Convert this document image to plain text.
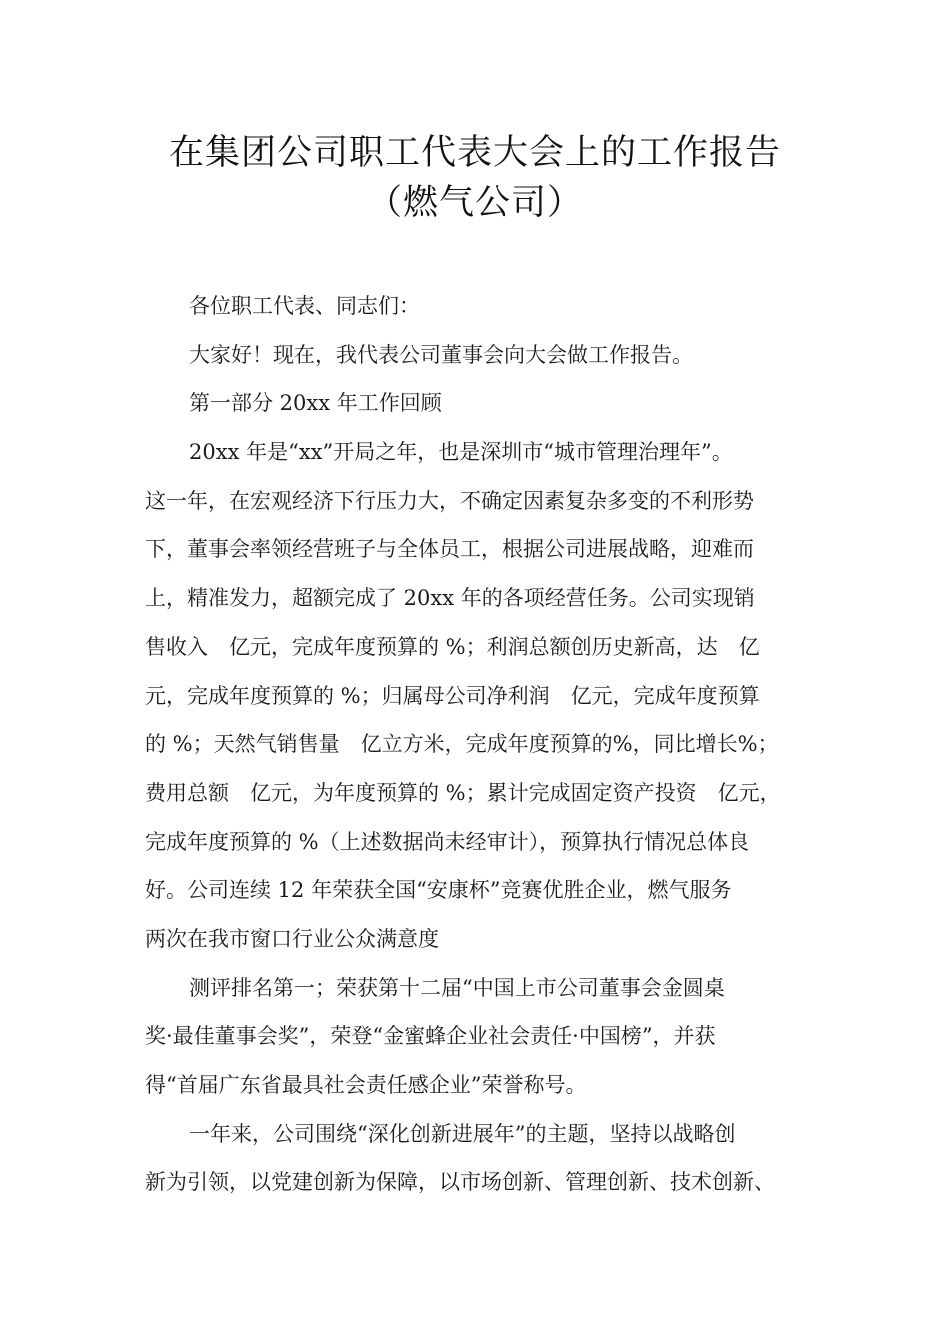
在集团公司职工代表大会上的工作报告
（燃气公司）
各位职工代表、同志们：
大家好！现在，我代表公司董事会向大会做工作报告。
第一部分 20xx 年工作回顾
20xx 年是“xx”开局之年，也是深圳市“城市管理治理年”。
这一年，在宏观经济下行压力大，不确定因素复杂多变的不利形势
下，董事会率领经营班子与全体员工，根据公司进展战略，迎难而
上，精准发力，超额完成了 20xx 年的各项经营任务。公司实现销
售收入　亿元，完成年度预算的 %；利润总额创历史新高，达　亿
元，完成年度预算的 %；归属母公司净利润　亿元，完成年度预算
的 %；天然气销售量　亿立方米，完成年度预算的%，同比增长%；
费用总额　亿元，为年度预算的 %；累计完成固定资产投资　亿元，
完成年度预算的 %（上述数据尚未经审计），预算执行情况总体良
好。公司连续 12 年荣获全国“安康杯”竞赛优胜企业，燃气服务
两次在我市窗口行业公众满意度
测评排名第一；荣获第十二届“中国上市公司董事会金圆桌
奖·最佳董事会奖”，荣登“金蜜蜂企业社会责任·中国榜”，并获
得“首届广东省最具社会责任感企业”荣誉称号。
一年来，公司围绕“深化创新进展年”的主题，坚持以战略创
新为引领，以党建创新为保障，以市场创新、管理创新、技术创新、
